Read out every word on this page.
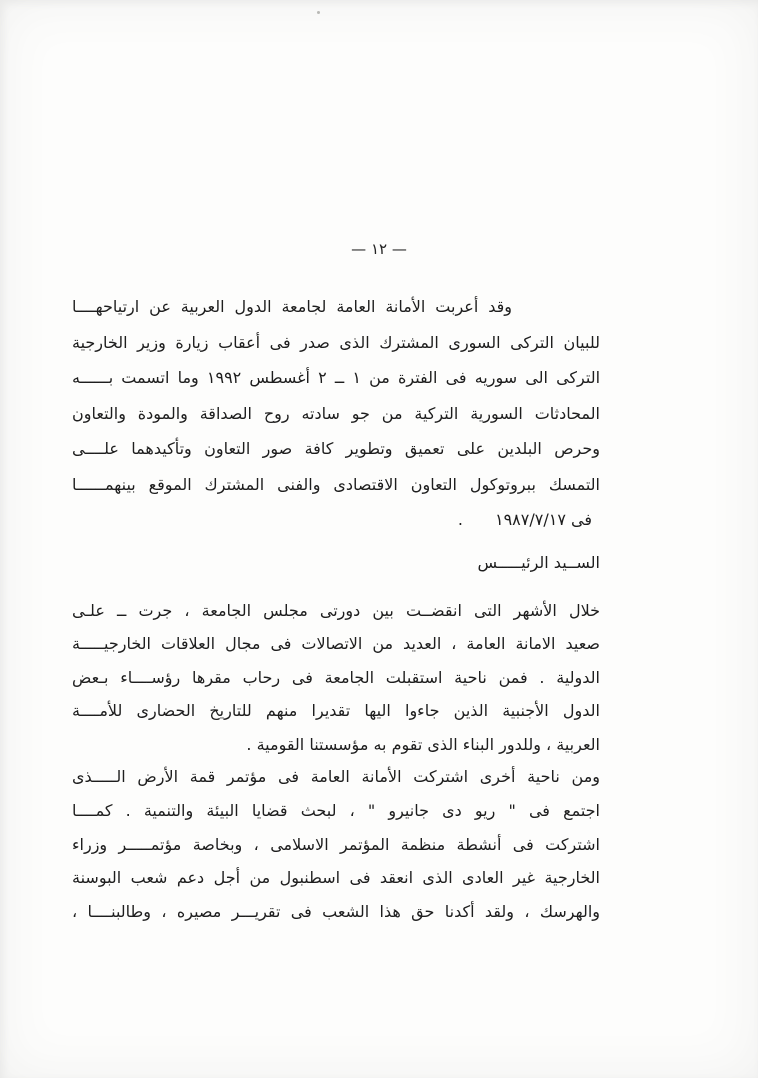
— ١٢ —
وقد أعربت الأمانة العامة لجامعة الدول العربية عن ارتياحهــــا
للبيان التركى السورى المشترك الذى صدر فى أعقاب زيارة وزير الخارجية
التركى الى سوريه فى الفترة من ١ ــ ٢ أغسطس ١٩٩٢ وما اتسمت بــــــه
المحادثات السورية التركية من جو سادته روح الصداقة والمودة والتعاون
وحرص البلدين على تعميق وتطوير كافة صور التعاون وتأكيدهما علــــى
التمسك ببروتوكول التعاون الاقتصادى والفنى المشترك الموقع بينهمــــــا
فى ١٩٨٧/٧/١٧  .
الســيد الرئيـــــس
خلال الأشهر التى انقضــت بين دورتى مجلس الجامعة ، جرت ــ علـى
صعيد الامانة العامة ، العديد من الاتصالات فى مجال العلاقات الخارجيـــــة
الدولية . فمن ناحية استقبلت الجامعة فى رحاب مقرها رؤســــاء بـعض
الدول الأجنبية الذين جاءوا اليها تقديرا منهم للتاريخ الحضارى للأمــــة
العربية ، وللدور البناء الذى تقوم به مؤسستنا القومية .
ومن ناحية أخرى اشتركت الأمانة العامة فى مؤتمر قمة الأرض الـــــذى
اجتمع فى " ريو دى جانيرو " ، لبحث قضايا البيئة والتنمية . كمــــا
اشتركت فى أنشطة منظمة المؤتمر الاسلامى ، وبخاصة مؤتمـــــر وزراء
الخارجية غير العادى الذى انعقد فى اسطنبول من أجل دعم شعب البوسنة
والهرسك ، ولقد أكدنا حق هذا الشعب فى تقريـــر مصيره ، وطالبنــــا ،
